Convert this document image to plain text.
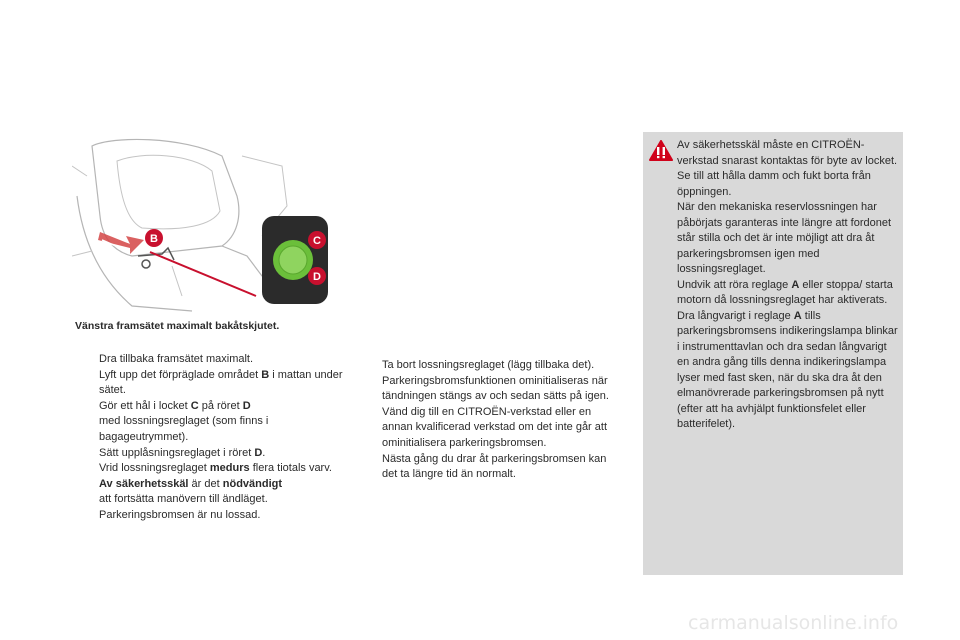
B	C
D
Vänstra framsätet maximalt bakåtskjutet.

Dra tillbaka framsätet maximalt.

Lyft upp det förpräglade området B i mattan under sätet.

Gör ett hål i locket C på röret D
med lossningsreglaget (som finns i bagageutrymmet).

Sätt upplåsningsreglaget i röret D.

Vrid lossningsreglaget medurs flera tiotals varv.

Av säkerhetsskäl är det nödvändigt
att fortsätta manövern till ändläget.
Parkeringsbromsen är nu lossad.

Ta bort lossningsreglaget (lägg tillbaka det).

Parkeringsbromsfunktionen ominitialiseras när tändningen stängs av och sedan sätts på igen. Vänd dig till en CITROËN-verkstad eller en annan kvalificerad verkstad om det inte går att ominitialisera parkeringsbromsen.

Nästa gång du drar åt parkeringsbromsen kan det ta längre tid än normalt.

Av säkerhetsskäl måste en CITROËN-verkstad snarast kontaktas för byte av locket.

Se till att hålla damm och fukt borta från öppningen.

När den mekaniska reservlossningen har påbörjats garanteras inte längre att fordonet står stilla och det är inte möjligt att dra åt parkeringsbromsen igen med lossningsreglaget.

Undvik att röra reglage A eller stoppa/ starta motorn då lossningsreglaget har aktiverats.

Dra långvarigt i reglage A tills parkeringsbromsens indikeringslampa blinkar i instrumenttavlan och dra sedan långvarigt en andra gång tills denna indikeringslampa lyser med fast sken, när du ska dra åt den elmanövrerade parkeringsbromsen på nytt (efter att ha avhjälpt funktionsfelet eller batterifelet).

carmanualsonline.info
